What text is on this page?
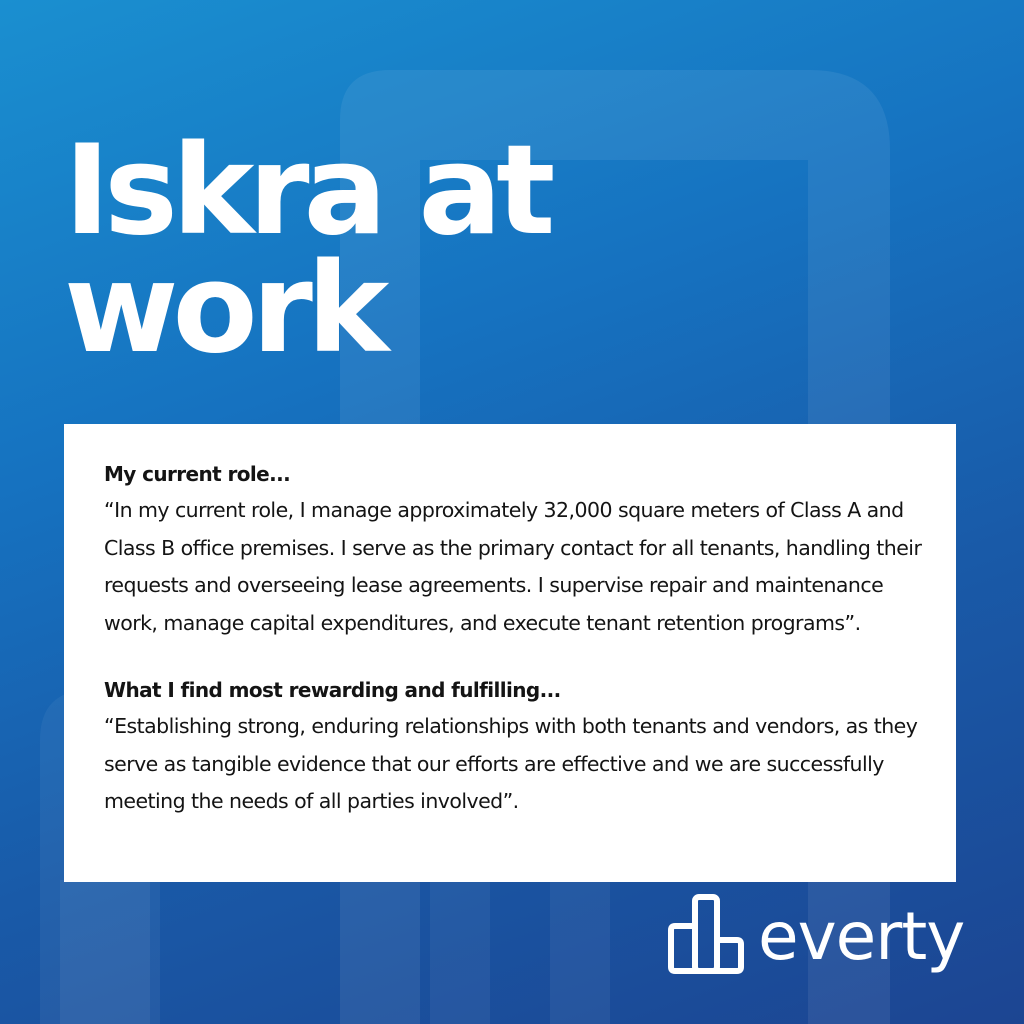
Iskra at
work
My current role...

“In my current role, I manage approximately 32,000 square meters of Class A and Class B office premises. I serve as the primary contact for all tenants, handling their requests and overseeing lease agreements. I supervise repair and maintenance work, manage capital expenditures, and execute tenant retention programs”.

What I find most rewarding and fulfilling...

“Establishing strong, enduring relationships with both tenants and vendors, as they serve as tangible evidence that our efforts are effective and we are successfully meeting the needs of all parties involved”.

everty
